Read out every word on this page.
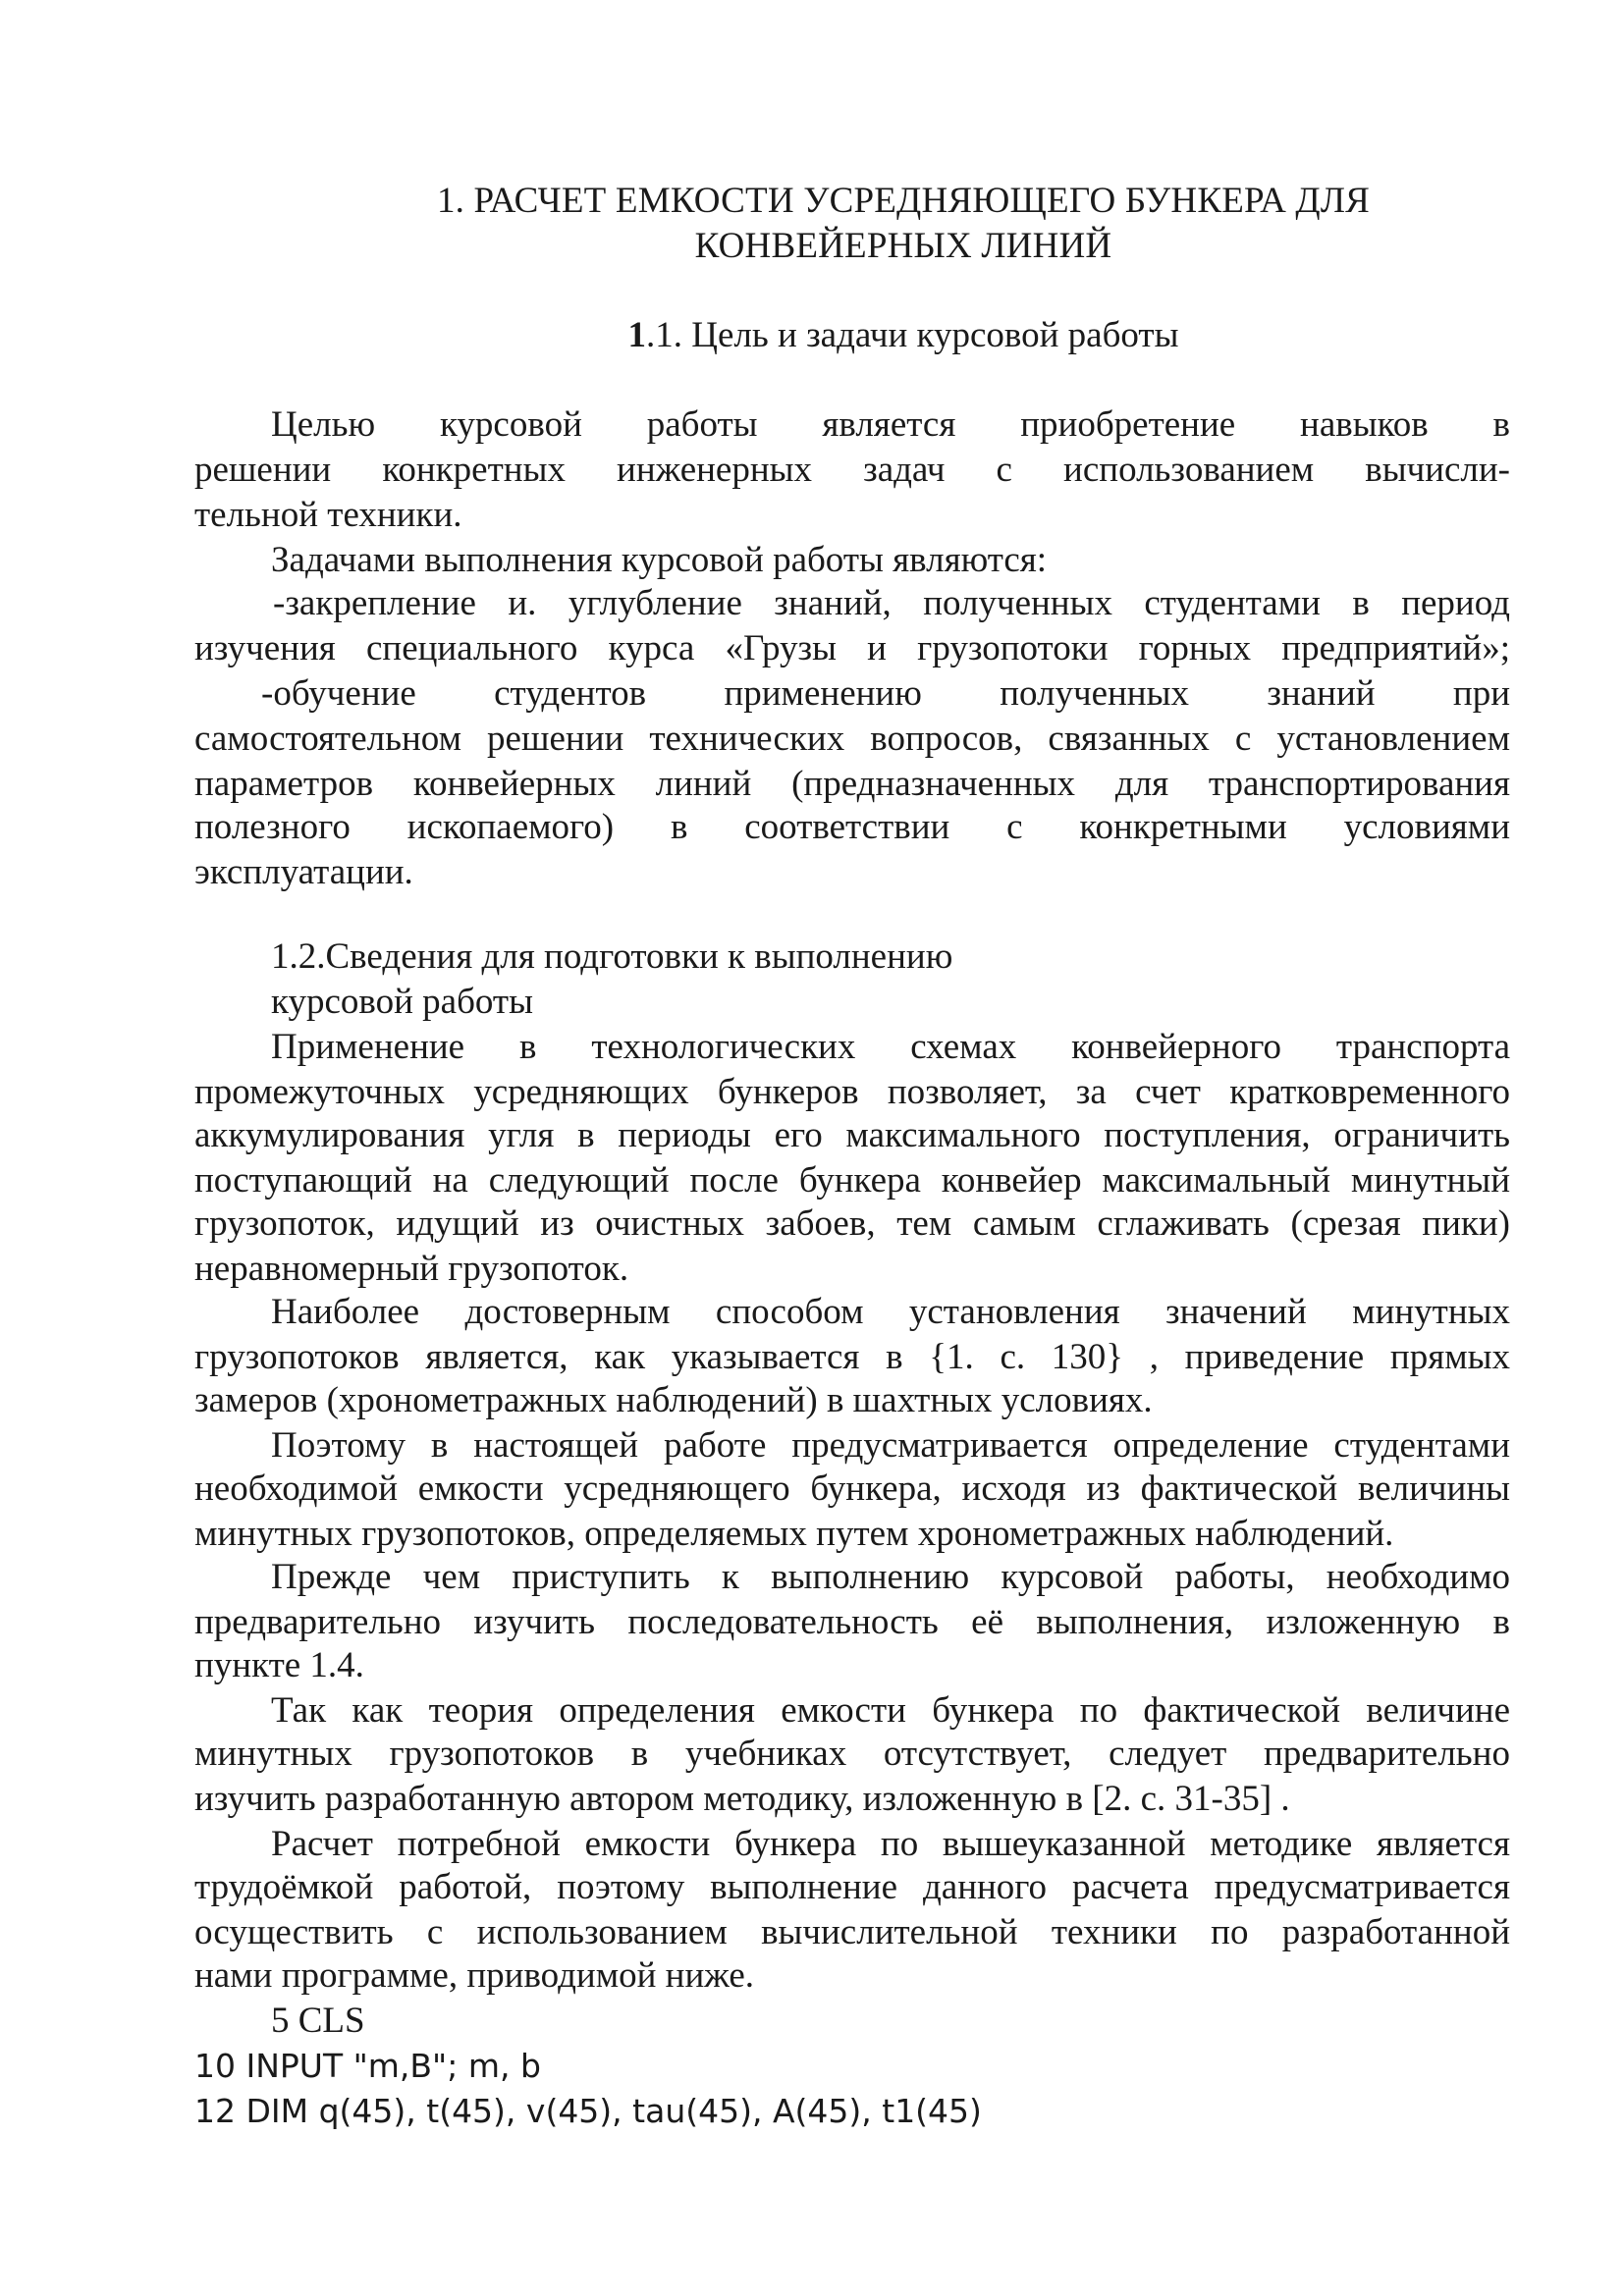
1. РАСЧЕТ ЕМКОСТИ УСРЕДНЯЮЩЕГО БУНКЕРА ДЛЯ
КОНВЕЙЕРНЫХ ЛИНИЙ
1.1. Цель и задачи курсовой работы
Целью курсовой работы является приобретение навыков в
решении конкретных инженерных задач с использованием вычисли-
тельной техники.
Задачами выполнения курсовой работы являются:
-закрепление и. углубление знаний, полученных студентами в период
изучения специального курса «Грузы и грузопотоки горных предприятий»;
-обучение студентов применению полученных знаний при
самостоятельном решении технических вопросов, связанных с установлением
параметров конвейерных линий (предназначенных для транспортирования
полезного ископаемого) в соответствии с конкретными условиями
эксплуатации.
1.2.Сведения для подготовки к выполнению
курсовой работы
Применение в технологических схемах конвейерного транспорта
промежуточных усредняющих бункеров позволяет, за счет кратковременного
аккумулирования угля в периоды его максимального поступления, ограничить
поступающий на следующий после бункера конвейер максимальный минутный
грузопоток, идущий из очистных забоев, тем самым сглаживать (срезая пики)
неравномерный грузопоток.
Наиболее достоверным способом установления значений минутных
грузопотоков является, как указывается в {1. с. 130} , приведение прямых
замеров (хронометражных наблюдений) в шахтных условиях.
Поэтому в настоящей работе предусматривается определение студентами
необходимой емкости усредняющего бункера, исходя из фактической величины
минутных грузопотоков, определяемых путем хронометражных наблюдений.
Прежде чем приступить к выполнению курсовой работы, необходимо
предварительно изучить последовательность её выполнения, изложенную в
пункте 1.4.
Так как теория определения емкости бункера по фактической величине
минутных грузопотоков в учебниках отсутствует, следует предварительно
изучить разработанную автором методику, изложенную в [2. с. 31-35] .
Расчет потребной емкости бункера по вышеуказанной методике является
трудоёмкой работой, поэтому выполнение данного расчета предусматривается
осуществить с использованием вычислительной техники по разработанной
нами программе, приводимой ниже.
5 CLS
10 INPUT "m,B"; m, b
12 DIM q(45), t(45), v(45), tau(45), A(45), t1(45)
